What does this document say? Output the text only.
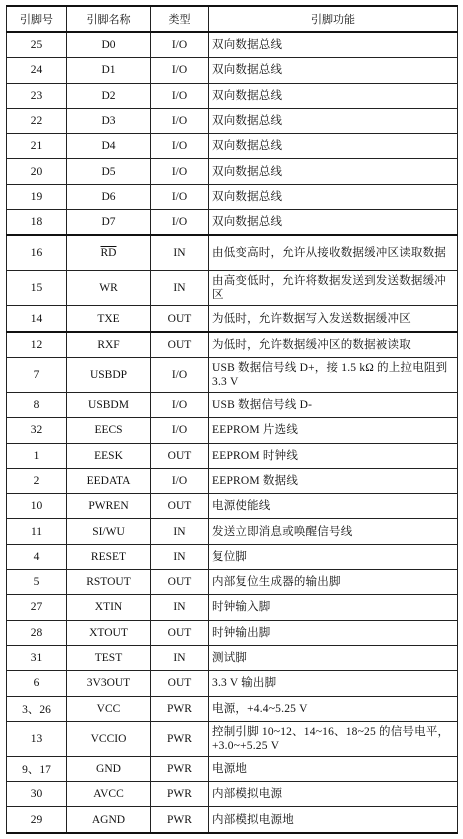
引脚号	引脚名称	类型	引脚功能
25	D0	I/O	双向数据总线
24	D1	I/O	双向数据总线
23	D2	I/O	双向数据总线
22	D3	I/O	双向数据总线
21	D4	I/O	双向数据总线
20	D5	I/O	双向数据总线
19	D6	I/O	双向数据总线
18	D7	I/O	双向数据总线
16	$\overline{RD}$	IN	由低变高时，允许从接收数据缓冲区读取数据
15	WR	IN	由高变低时，允许将数据发送到发送数据缓冲区
14	TXE	OUT	为低时，允许数据写入发送数据缓冲区
12	RXF	OUT	为低时，允许数据缓冲区的数据被读取
7	USBDP	I/O	USB 数据信号线 D+，接 1.5 kΩ 的上拉电阻到 3.3 V
8	USBDM	I/O	USB 数据信号线 D-
32	EECS	I/O	EEPROM 片选线
1	EESK	OUT	EEPROM 时钟线
2	EEDATA	I/O	EEPROM 数据线
10	PWREN	OUT	电源使能线
11	SI/WU	IN	发送立即消息或唤醒信号线
4	RESET	IN	复位脚
5	RSTOUT	OUT	内部复位生成器的输出脚
27	XTIN	IN	时钟输入脚
28	XTOUT	OUT	时钟输出脚
31	TEST	IN	测试脚
6	3V3OUT	OUT	3.3 V 输出脚
3、26	VCC	PWR	电源，+4.4~5.25 V
13	VCCIO	PWR	控制引脚 10~12、14~16、18~25 的信号电平，+3.0~+5.25 V
9、17	GND	PWR	电源地
30	AVCC	PWR	内部模拟电源
29	AGND	PWR	内部模拟电源地
